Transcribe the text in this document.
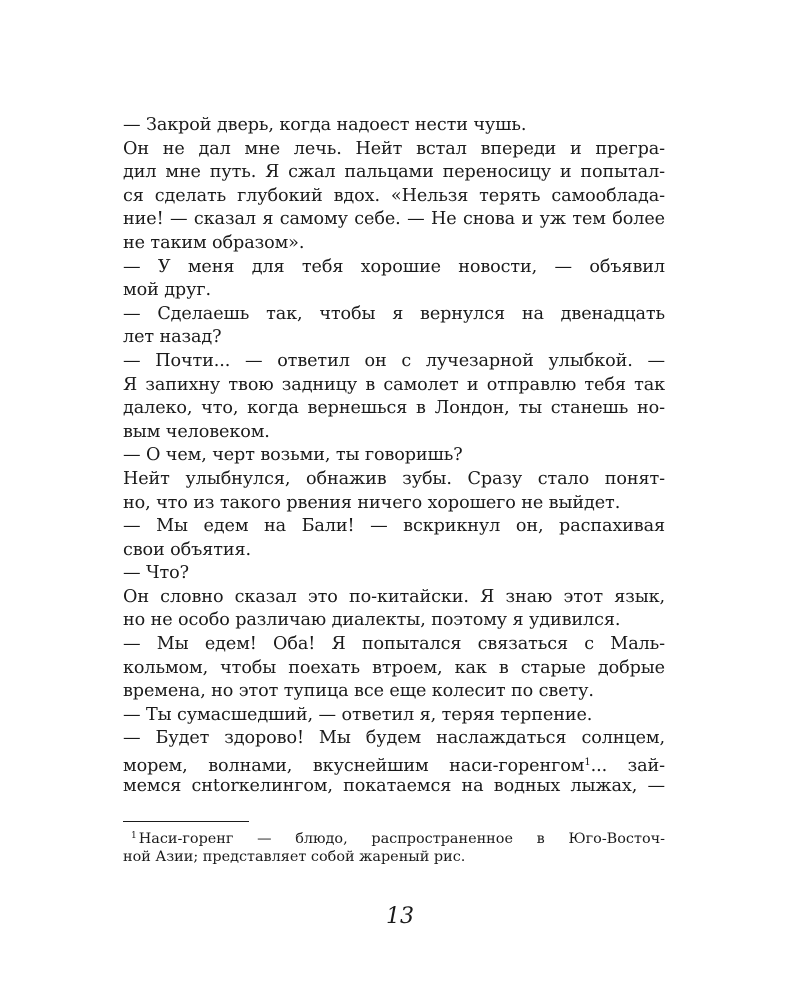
— Закрой дверь, когда надоест нести чушь.
Он не дал мне лечь. Нейт встал впереди и прегра-
дил мне путь. Я сжал пальцами переносицу и попытал-
ся сделать глубокий вдох. «Нельзя терять самооблада-
ние! — сказал я самому себе. — Не снова и уж тем более
не таким образом».
— У меня для тебя хорошие новости, — объявил
мой друг.
— Сделаешь так, чтобы я вернулся на двенадцать
лет назад?
— Почти... — ответил он с лучезарной улыбкой. —
Я запихну твою задницу в самолет и отправлю тебя так
далеко, что, когда вернешься в Лондон, ты станешь но-
вым человеком.
— О чем, черт возьми, ты говоришь?
Нейт улыбнулся, обнажив зубы. Сразу стало понят-
но, что из такого рвения ничего хорошего не выйдет.
— Мы едем на Бали! — вскрикнул он, распахивая
свои объятия.
— Что?
Он словно сказал это по-китайски. Я знаю этот язык,
но не особо различаю диалекты, поэтому я удивился.
— Мы едем! Оба! Я попытался связаться с Маль-
кольмом, чтобы поехать втроем, как в старые добрые
времена, но этот тупица все еще колесит по свету.
— Ты сумасшедший, — ответил я, теряя терпение.
— Будет здорово! Мы будем наслаждаться солнцем,
морем, волнами, вкуснейшим наси-горенгом$^1$... зай-
мемся снtorкелингом, покатаемся на водных лыжах, —
$^1$ Наси-горенг — блюдо, распространенное в Юго-Восточ-
ной Азии; представляет собой жареный рис.
13
